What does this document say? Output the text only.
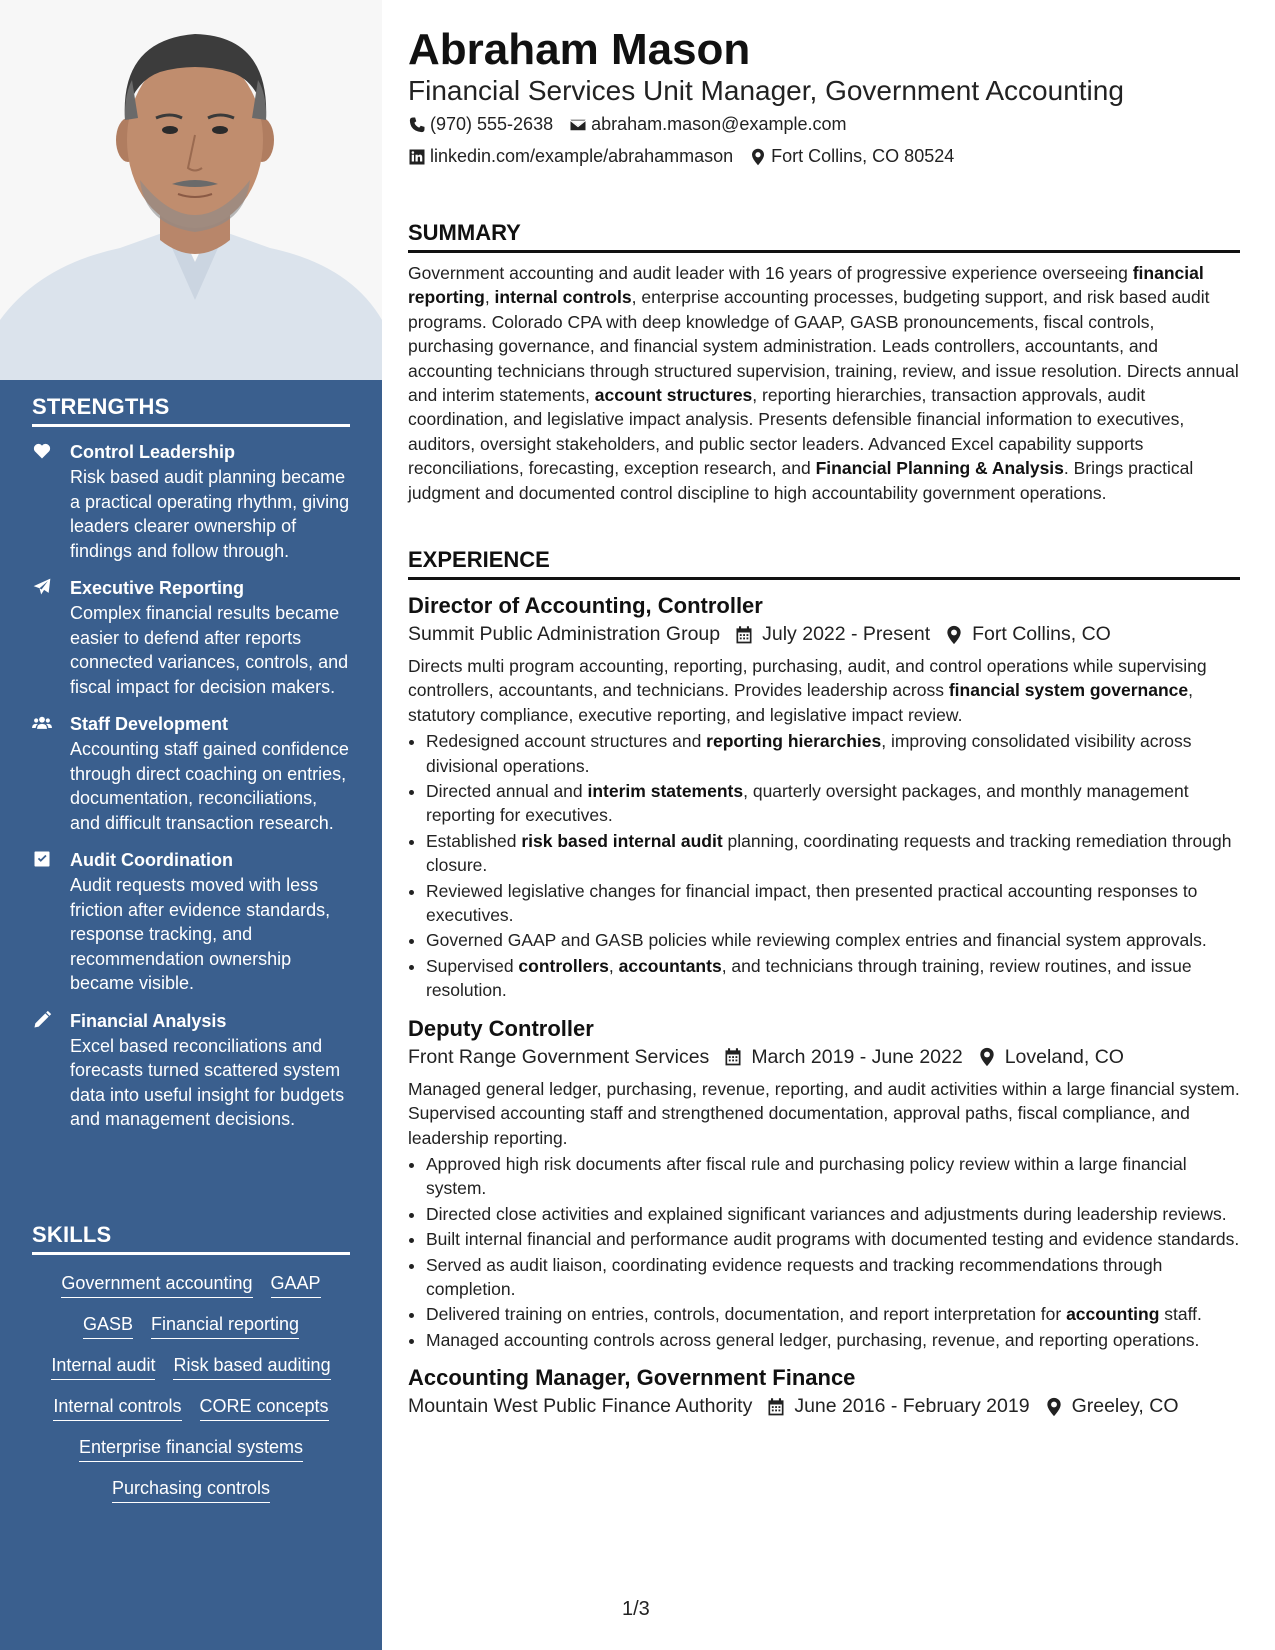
STRENGTHS
Control Leadership
Risk based audit planning became a practical operating rhythm, giving leaders clearer ownership of findings and follow through.
Executive Reporting
Complex financial results became easier to defend after reports connected variances, controls, and fiscal impact for decision makers.
Staff Development
Accounting staff gained confidence through direct coaching on entries, documentation, reconciliations, and difficult transaction research.
Audit Coordination
Audit requests moved with less friction after evidence standards, response tracking, and recommendation ownership became visible.
Financial Analysis
Excel based reconciliations and forecasts turned scattered system data into useful insight for budgets and management decisions.
SKILLS
Government accounting GAAP
GASB Financial reporting
Internal audit Risk based auditing
Internal controls CORE concepts
Enterprise financial systems
Purchasing controls
Abraham Mason
Financial Services Unit Manager, Government Accounting
(970) 555-2638 abraham.mason@example.com
linkedin.com/example/abrahammason Fort Collins, CO 80524
SUMMARY

Government accounting and audit leader with 16 years of progressive experience overseeing financial reporting, internal controls, enterprise accounting processes, budgeting support, and risk based audit programs. Colorado CPA with deep knowledge of GAAP, GASB pronouncements, fiscal controls, purchasing governance, and financial system administration. Leads controllers, accountants, and accounting technicians through structured supervision, training, review, and issue resolution. Directs annual and interim statements, account structures, reporting hierarchies, transaction approvals, audit coordination, and legislative impact analysis. Presents defensible financial information to executives, auditors, oversight stakeholders, and public sector leaders. Advanced Excel capability supports reconciliations, forecasting, exception research, and Financial Planning & Analysis. Brings practical judgment and documented control discipline to high accountability government operations.

EXPERIENCE
Director of Accounting, Controller
Summit Public Administration Group July 2022 - Present Fort Collins, CO

Directs multi program accounting, reporting, purchasing, audit, and control operations while supervising controllers, accountants, and technicians. Provides leadership across financial system governance, statutory compliance, executive reporting, and legislative impact review.

• Redesigned account structures and reporting hierarchies, improving consolidated visibility across divisional operations.
• Directed annual and interim statements, quarterly oversight packages, and monthly management reporting for executives.
• Established risk based internal audit planning, coordinating requests and tracking remediation through closure.
• Reviewed legislative changes for financial impact, then presented practical accounting responses to executives.
• Governed GAAP and GASB policies while reviewing complex entries and financial system approvals.
• Supervised controllers, accountants, and technicians through training, review routines, and issue resolution.
Deputy Controller
Front Range Government Services March 2019 - June 2022 Loveland, CO

Managed general ledger, purchasing, revenue, reporting, and audit activities within a large financial system. Supervised accounting staff and strengthened documentation, approval paths, fiscal compliance, and leadership reporting.

• Approved high risk documents after fiscal rule and purchasing policy review within a large financial system.
• Directed close activities and explained significant variances and adjustments during leadership reviews.
• Built internal financial and performance audit programs with documented testing and evidence standards.
• Served as audit liaison, coordinating evidence requests and tracking recommendations through completion.
• Delivered training on entries, controls, documentation, and report interpretation for accounting staff.
• Managed accounting controls across general ledger, purchasing, revenue, and reporting operations.
Accounting Manager, Government Finance
Mountain West Public Finance Authority June 2016 - February 2019 Greeley, CO
1/3
